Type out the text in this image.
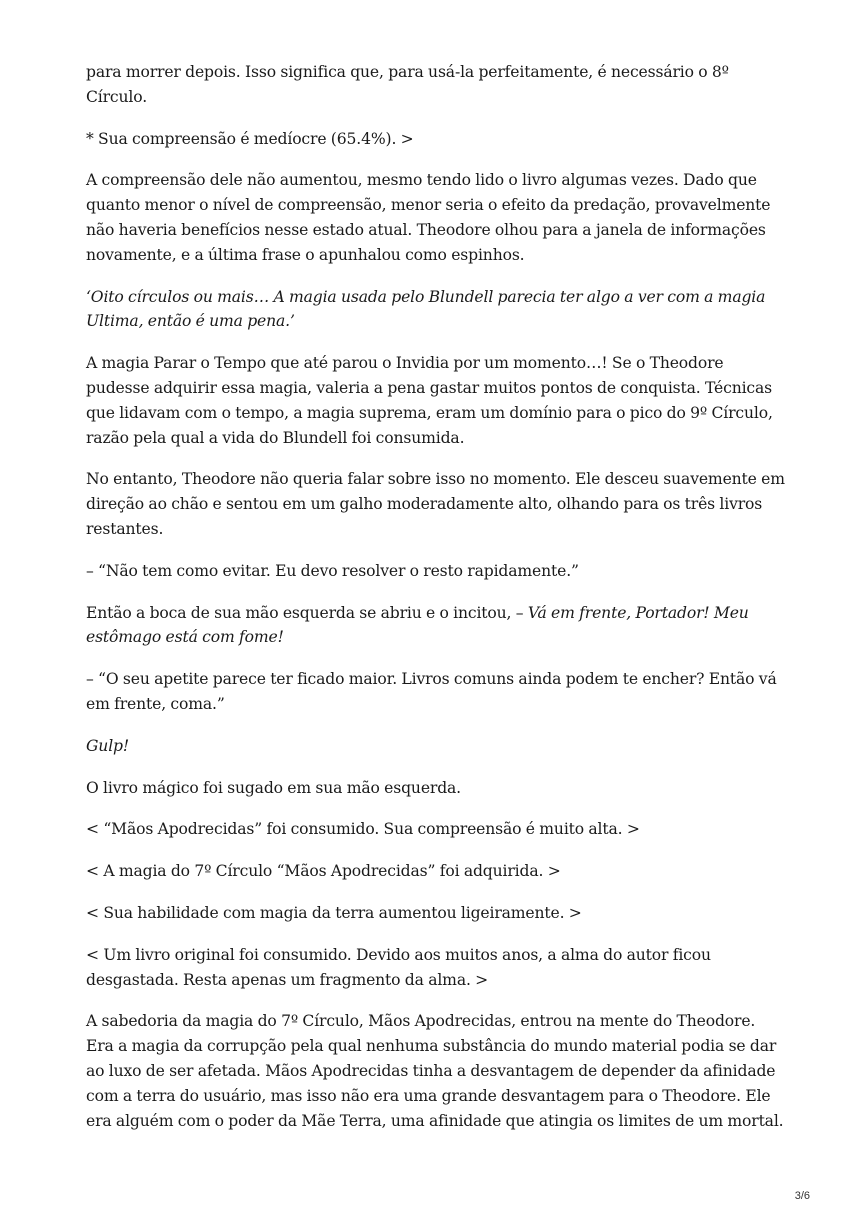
para morrer depois. Isso significa que, para usá-la perfeitamente, é necessário o 8º Círculo.

* Sua compreensão é medíocre (65.4%). >

A compreensão dele não aumentou, mesmo tendo lido o livro algumas vezes. Dado que quanto menor o nível de compreensão, menor seria o efeito da predação, provavelmente não haveria benefícios nesse estado atual. Theodore olhou para a janela de informações novamente, e a última frase o apunhalou como espinhos.

‘Oito círculos ou mais… A magia usada pelo Blundell parecia ter algo a ver com a magia Ultima, então é uma pena.’

A magia Parar o Tempo que até parou o Invidia por um momento…! Se o Theodore pudesse adquirir essa magia, valeria a pena gastar muitos pontos de conquista. Técnicas que lidavam com o tempo, a magia suprema, eram um domínio para o pico do 9º Círculo, razão pela qual a vida do Blundell foi consumida.

No entanto, Theodore não queria falar sobre isso no momento. Ele desceu suavemente em direção ao chão e sentou em um galho moderadamente alto, olhando para os três livros restantes.

– “Não tem como evitar. Eu devo resolver o resto rapidamente.”

Então a boca de sua mão esquerda se abriu e o incitou, – Vá em frente, Portador! Meu estômago está com fome!

– “O seu apetite parece ter ficado maior. Livros comuns ainda podem te encher? Então vá em frente, coma.”

Gulp!

O livro mágico foi sugado em sua mão esquerda.

< “Mãos Apodrecidas” foi consumido. Sua compreensão é muito alta. >

< A magia do 7º Círculo “Mãos Apodrecidas” foi adquirida. >

< Sua habilidade com magia da terra aumentou ligeiramente. >

< Um livro original foi consumido. Devido aos muitos anos, a alma do autor ficou desgastada. Resta apenas um fragmento da alma. >

A sabedoria da magia do 7º Círculo, Mãos Apodrecidas, entrou na mente do Theodore. Era a magia da corrupção pela qual nenhuma substância do mundo material podia se dar ao luxo de ser afetada. Mãos Apodrecidas tinha a desvantagem de depender da afinidade com a terra do usuário, mas isso não era uma grande desvantagem para o Theodore. Ele era alguém com o poder da Mãe Terra, uma afinidade que atingia os limites de um mortal.

3/6
